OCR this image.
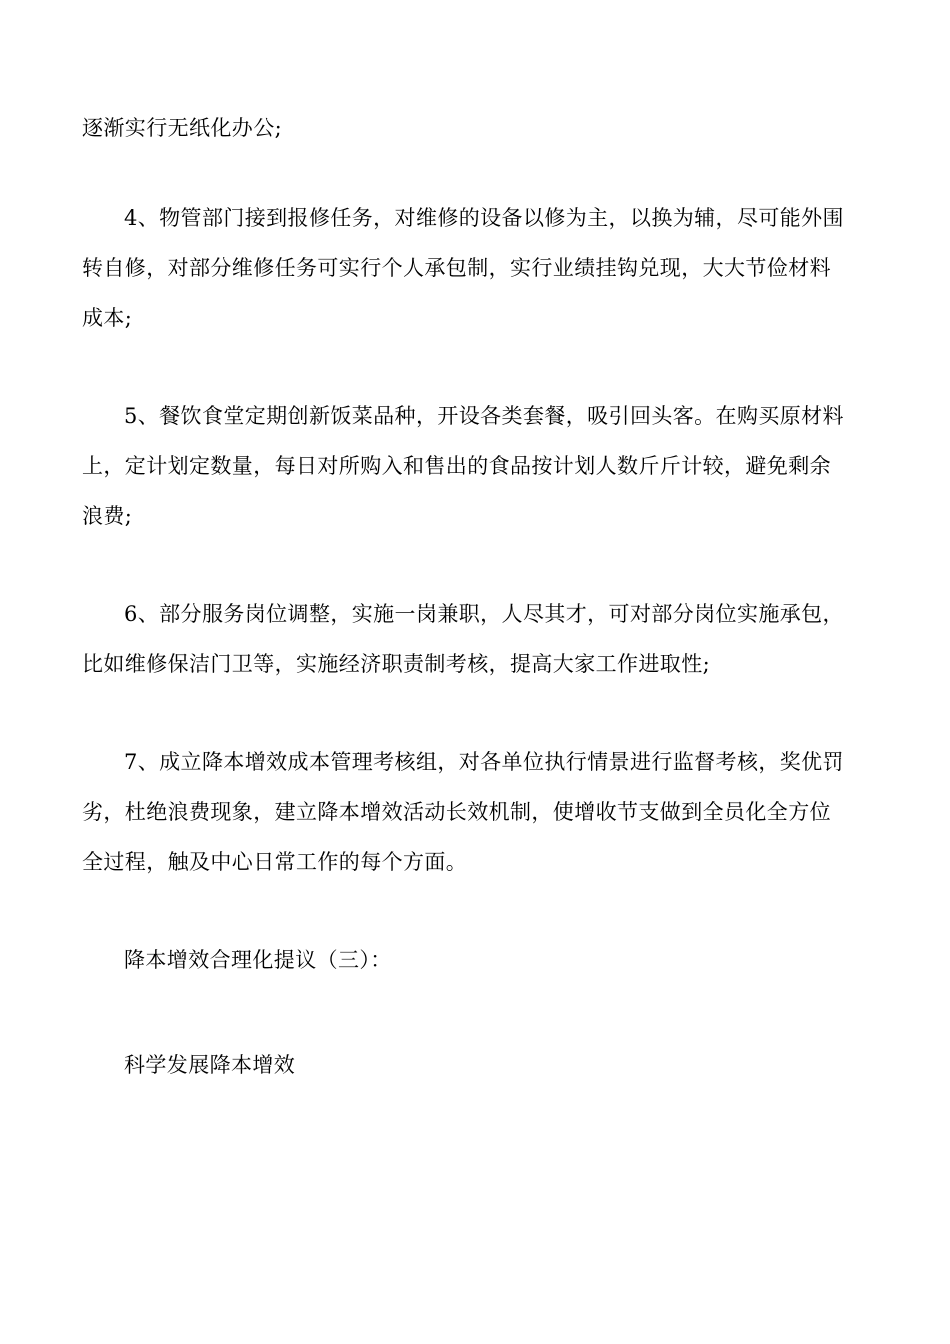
逐渐实行无纸化办公;

4、物管部门接到报修任务，对维修的设备以修为主，以换为辅，尽可能外围

转自修，对部分维修任务可实行个人承包制，实行业绩挂钩兑现，大大节俭材料

成本;

5、餐饮食堂定期创新饭菜品种，开设各类套餐，吸引回头客。在购买原材料

上，定计划定数量，每日对所购入和售出的食品按计划人数斤斤计较，避免剩余

浪费;

6、部分服务岗位调整，实施一岗兼职，人尽其才，可对部分岗位实施承包，

比如维修保洁门卫等，实施经济职责制考核，提高大家工作进取性;

7、成立降本增效成本管理考核组，对各单位执行情景进行监督考核，奖优罚

劣，杜绝浪费现象，建立降本增效活动长效机制，使增收节支做到全员化全方位

全过程，触及中心日常工作的每个方面。

降本增效合理化提议（三）：

科学发展降本增效
